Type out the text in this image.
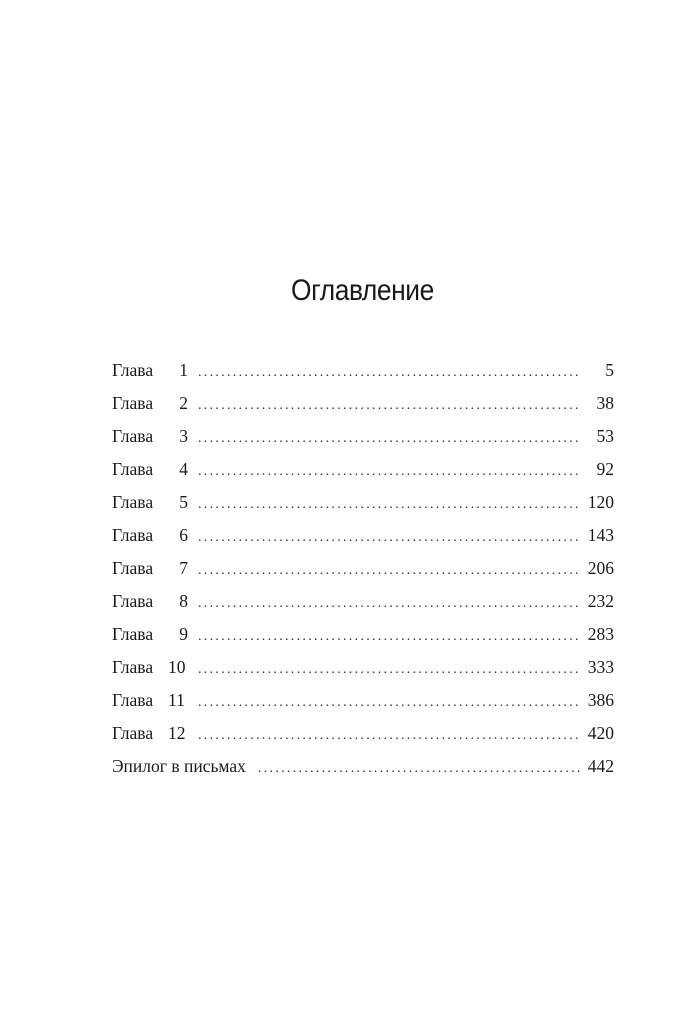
Оглавление
Глава 1 . . .	5
Глава 2 . . .	38
Глава 3 . . .	53
Глава 4 . . .	92
Глава 5 . . .	120
Глава 6 . . .	143
Глава 7 . . .	206
Глава 8 . . .	232
Глава 9 . . .	283
Глава 10 . . .	333
Глава 11 . . .	386
Глава 12 . . .	420
Эпилог в письмах . . .	442
